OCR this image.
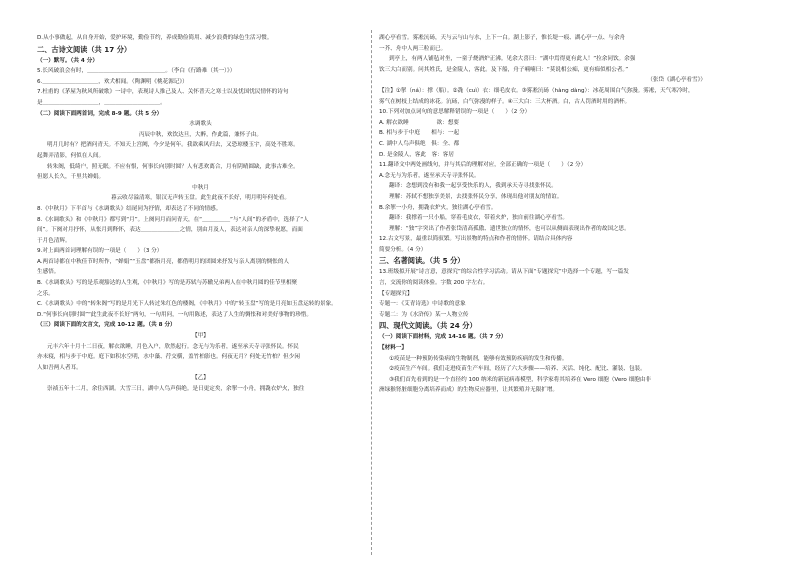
D.从小事做起，从自身开始，爱护环境，勤俭节约，养成勤俭简用、减少浪费的绿色生活习惯。
二、古诗文阅读（共 17 分）
（一）默写。（共 4 分）
5.长风破浪会有时，＿＿＿＿＿＿＿＿＿＿＿＿＿＿。（李白《行路难（其一）》）
6.＿＿＿＿＿＿＿＿＿＿，欢犬相闻。（陶渊明《桃花源记》）
7.杜甫的《茅屋为秋风所破歌》一诗中，表现诗人推己及人、关怀普天之寒士以及忧国忧民情怀的诗句
是＿＿＿＿＿＿＿＿＿＿，＿＿＿＿＿＿＿＿＿＿。
（二）阅读下面两首词，完成 8-9 题。（共 5 分）
水调歌头
丙辰中秋，欢饮达旦，大醉，作此篇，兼怀子由。
明月几时有？把酒问青天。不知天上宫阙，今夕是何年。我欲乘风归去，又恐琼楼玉宇，高处不胜寒。
起舞弄清影，何似在人间。
转朱阁，低绮户，照无眠。不应有恨，何事长向别时圆？人有悲欢离合，月有阴晴圆缺，此事古难全。
但愿人长久，千里共婵娟。
中秋月
暮云收尽溢清寒，银汉无声转玉盘。此生此夜不长好，明月明年何处看。
8.《中秋月》下半首与《水调歌头》结尾同为抒情，却表达了不同的情感。
8.《水调歌头》和《中秋月》都写到“月”。上阕问月而问青天，在“＿＿＿＿＿”与“人间”的矛盾中，选择了“人
间”。下阕对月抒怀，从怅月到释怀，表达＿＿＿＿＿＿＿之情，别由月及人，表达对亲人的深挚祝愿，而面
于月色清辉。
9.对上面两首词理解有误的一项是（　　）（3 分）
A.两首诗都在中秋佳节时所作，“婵娟”“玉盘”都指月亮，都借明月的团圆来抒发与亲人离别的惆怅的人
生感悟。
B.《水调歌头》写的是乐观豁达的人生观，《中秋月》写的是苏轼与苏辙兄弟两人在中秋月圆的佳节里相聚
之乐。
C.《水调歌头》中的“转朱阁”写的是月光下人转过朱红色的楼阁，《中秋月》中的“转玉盘”写的是月亮如玉盘运转的景象。
D.“何事长向别时圆”“此生此夜不长好”两句，一句用问，一句用陈述，表达了人生的惆怅和对美好事物的珍惜。
（三）阅读下面的文言文，完成 10-12 题。（共 8 分）
【甲】
元丰六年十月十二日夜，解衣欲睡，月色入户，欣然起行。念无与为乐者，遂至承天寺寻张怀民。怀民
亦未寝，相与步于中庭。庭下如积水空明，水中藻、荇交横，盖竹柏影也。何夜无月？何处无竹柏？但少闲
人如吾两人者耳。
【乙】
崇祯五年十二月，余住西湖。大雪三日，湖中人鸟声俱绝。是日更定矣，余挐一小舟，拥毳衣炉火，独往
湖心亭看雪。雾凇沆砀，天与云与山与水，上下一白。湖上影子，惟长堤一痕、湖心亭一点、与余舟
一芥、舟中人两三粒而已。
到亭上，有两人铺毡对坐，一童子烧酒炉正沸。见余大喜曰：“湖中焉得更有此人！”拉余同饮。余强
饮三大白而别。问其姓氏，是金陵人，客此。及下船，舟子喃喃曰：“莫说相公痴，更有痴似相公者。”
（张岱《湖心亭看雪》）
【注】①挐（ná）：撑（船）。②毳（cuì）衣：细毛皮衣。③雾凇沆砀（hàng dàng）：冰花周围白气弥漫。雾凇，天气寒冷时，
雾气在树枝上结成的冰花。沆砀，白气弥漫的样子。④三大白：三大杯酒。白，古人罚酒时用的酒杯。
10.下列对加点词句的意思解释错误的一项是（　　）（2 分）
A. 解衣欲睡　　　　　欲：想要
B. 相与步于中庭　　相与：一起
C. 湖中人鸟声俱绝　俱：全、都
D. 是金陵人，客此　客：客居
11.翻译文中两处画线句，并与其后的理解对应，全部正确的一项是（　　）（2 分）
A.念无与为乐者，遂至承天寺寻张怀民。
翻译：念想到没有和我一起享受快乐的人，我到承天寺寻找张怀民。
理解：苏轼不想独享美景，去找张怀民分享，体现出他对朋友的情谊。
B.余挐一小舟，拥毳衣炉火，独往湖心亭看雪。
翻译：我撑着一只小船，穿着毛皮衣，带着火炉，独自前往湖心亭看雪。
理解：“独”字突出了作者张岱清高孤傲、遗世独立的情怀，也可以从侧面表现出作者的故国之思。
12.古文写景，最重以简驭繁。写出景物的特点和作者的情怀。请结合具体内容
简要分析。（4 分）
三、名著阅读。（共 5 分）
13.班级拟开展“诗言意，意探究”的综合性学习活动。请从下面“专题探究”中选择一个专题，写一篇发
言，交流你的阅读体验。字数 200 字左右。
【专题探究】
专题一：《艾青诗选》中诗歌的意象
专题二：为《水浒传》某一人物立传
四、现代文阅读。（共 24 分）
（一）阅读下面材料，完成 14-16 题。（共 7 分）
【材料一】
①疫苗是一种预防传染病的生物制剂，能够有效预防疾病的发生和传播。
②疫苗生产车间。我们走进疫苗生产车间，经历了六大步骤——培养、灭活、纯化、配比、灌装、包装。
③我们首先看到的是一个直径约 100 纳米的新冠病毒模型，科学家将其培养在 Vero 细胞（Vero 细胞由非
洲绿猴肾脏细胞分离培养而成）的生物反应器里，让其繁殖并无限扩增。
